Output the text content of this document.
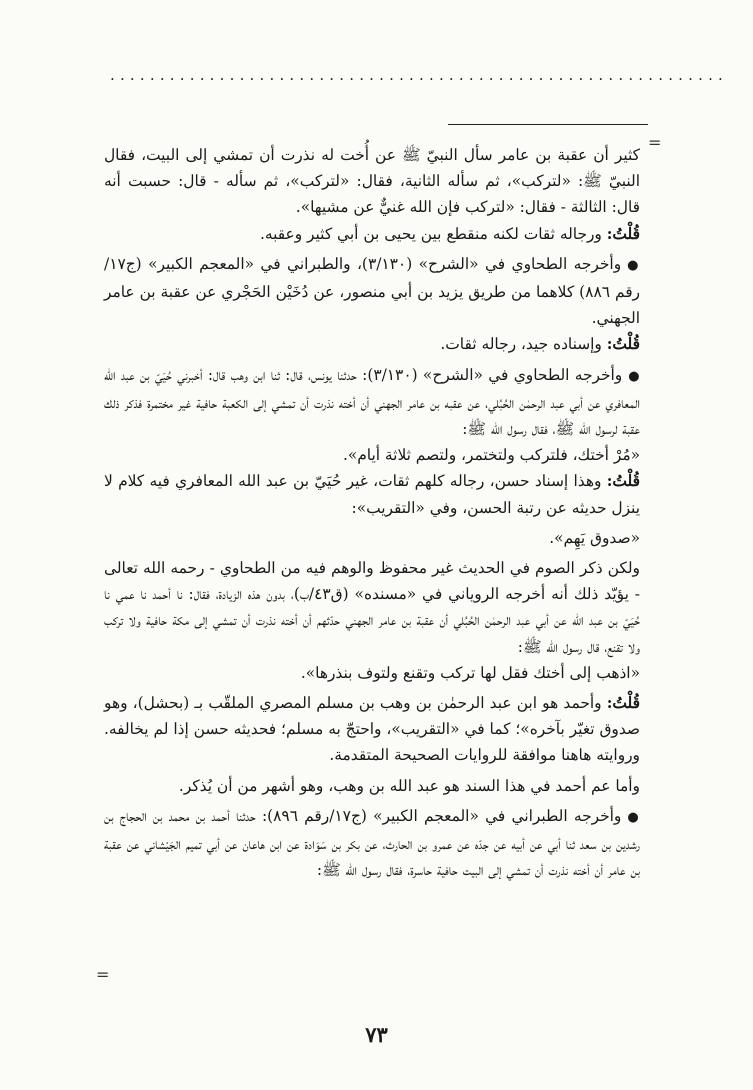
..............................................................
=

كثير أن عقبة بن عامر سأل النبيّ ﷺ عن أُخت له نذرت أن تمشي إلى البيت، فقال النبيّ ﷺ: «لتركب»، ثم سأله الثانية، فقال: «لتركب»، ثم سأله - قال: حسبت أنه قال: الثالثة - فقال: «لتركب فإن الله غنيٌّ عن مشيها».

قُلْتُ: ورجاله ثقات لكنه منقطع بين يحيى بن أبي كثير وعقبه.

●وأخرجه الطحاوي في «الشرح» (٣/١٣٠)، والطبراني في «المعجم الكبير» (ج١٧/رقم ٨٨٦) كلاهما من طريق يزيد بن أبي منصور، عن دُخَيْن الحَجْري عن عقبة بن عامر الجهني.

قُلْتُ: وإسناده جيد، رجاله ثقات.

●وأخرجه الطحاوي في «الشرح» (٣/١٣٠): حدثنا يونس، قال: ثنا ابن وهب قال: أخبرني حُيَيّ بن عبد الله المعافري عن أبي عبد الرحمٰن الحُبُلي، عن عقبه بن عامر الجهني أن أخته نذرت أن تمشي إلى الكعبة حافية غير مختمرة فذكر ذلك عقبة لرسول الله ﷺ، فقال رسول الله ﷺ:

«مُرْ أختك، فلتركب ولتختمر، ولتصم ثلاثة أيام».

قُلْتُ: وهذا إسناد حسن، رجاله كلهم ثقات، غير حُيَيّ بن عبد الله المعافري فيه كلام لا ينزل حديثه عن رتبة الحسن، وفي «التقريب»:

«صدوق يَهِم».

ولكن ذكر الصوم في الحديث غير محفوظ والوهم فيه من الطحاوي - رحمه الله تعالى - يؤيّد ذلك أنه أخرجه الروياني في «مسنده» (ق٤٣/ب)، بدون هذه الزيادة، فقال: نا أحمد نا عمي نا حُيَيّ بن عبد الله عن أبي عبد الرحمٰن الحُبُلي أن عقبة بن عامر الجهني حدّثهم أن أخته نذرت أن تمشي إلى مكة حافية ولا تركب ولا تقنع، قال رسول الله ﷺ:

«اذهب إلى أختك فقل لها تركب وتقنع ولتوف بنذرها».

قُلْتُ: وأحمد هو ابن عبد الرحمٰن بن وهب بن مسلم المصري الملقّب بـ (بحشل)، وهو صدوق تغيّر بآخره»؛ كما في «التقريب»، واحتجّ به مسلم؛ فحديثه حسن إذا لم يخالفه. وروايته هاهنا موافقة للروايات الصحيحة المتقدمة.

وأما عم أحمد في هذا السند هو عبد الله بن وهب، وهو أشهر من أن يُذكر.

●وأخرجه الطبراني في «المعجم الكبير» (ج١٧/رقم ٨٩٦): حدثنا أحمد بن محمد بن الحجاج بن رشدين بن سعد ثنا أبي عن أبيه عن جدّه عن عمرو بن الحارث، عن بكر بن سَوَادة عن ابن هاعان عن أبي تميم الجَيْشاني عن عقبة بن عامر أن أخته نذرت أن تمشي إلى البيت حافية حاسرة، فقال رسول الله ﷺ:

=
٧٣
